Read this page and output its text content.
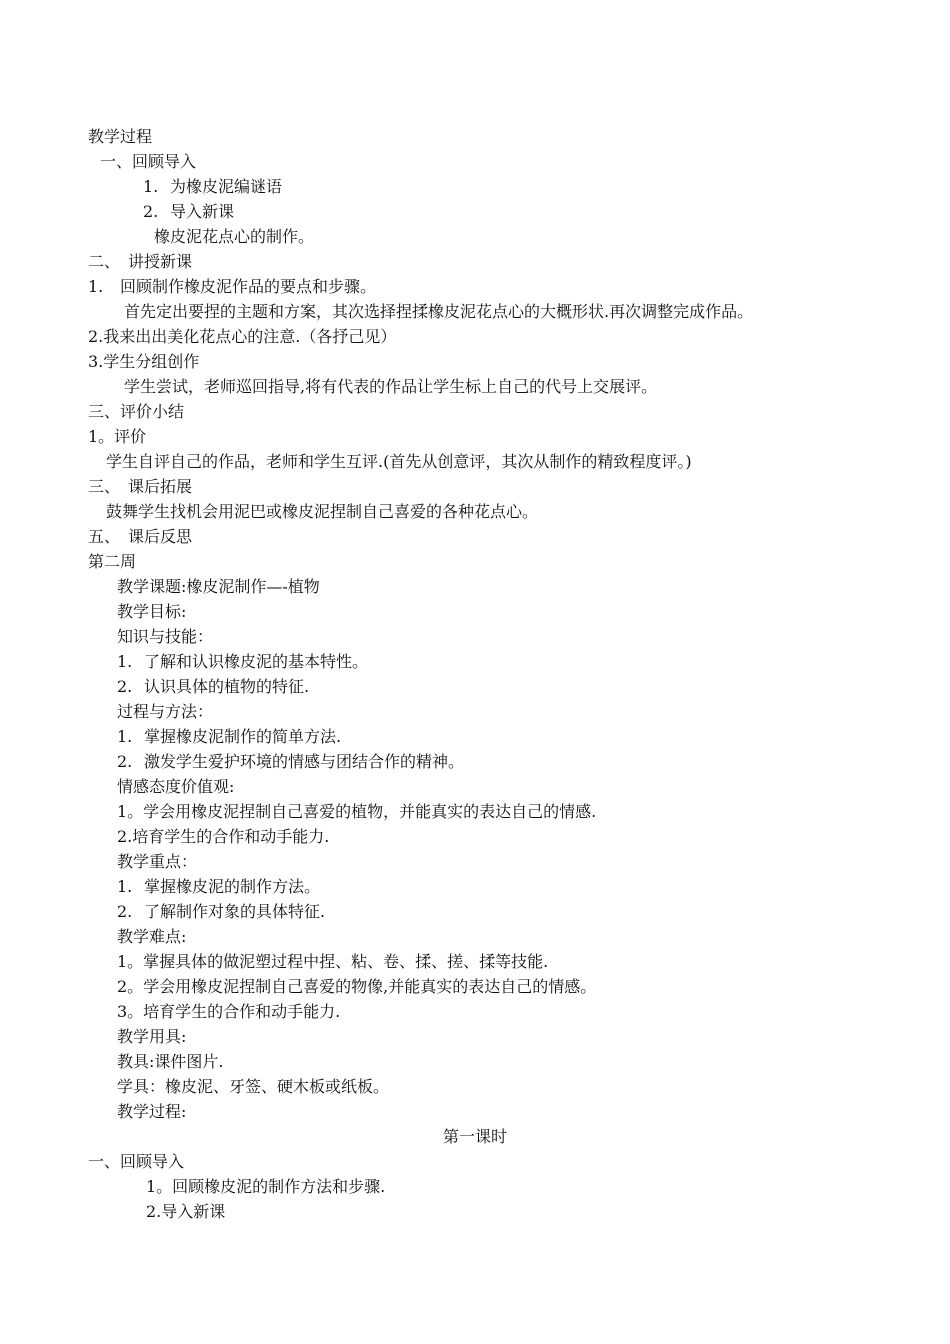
教学过程
一、回顾导入
1. 为橡皮泥编谜语
2. 导入新课
橡皮泥花点心的制作。
二、　讲授新课
1. 回顾制作橡皮泥作品的要点和步骤。
首先定出要捏的主题和方案，其次选择捏揉橡皮泥花点心的大概形状.再次调整完成作品。
2.我来出出美化花点心的注意.（各抒己见）
3.学生分组创作
学生尝试，老师巡回指导,将有代表的作品让学生标上自己的代号上交展评。
三、评价小结
1。评价
学生自评自己的作品，老师和学生互评.(首先从创意评，其次从制作的精致程度评。)
三、　课后拓展
鼓舞学生找机会用泥巴或橡皮泥捏制自己喜爱的各种花点心。
五、　课后反思
第二周
教学课题:橡皮泥制作—-植物
教学目标:
知识与技能：
1. 了解和认识橡皮泥的基本特性。
2. 认识具体的植物的特征.
过程与方法：
1. 掌握橡皮泥制作的简单方法.
2. 激发学生爱护环境的情感与团结合作的精神。
情感态度价值观:
1。学会用橡皮泥捏制自己喜爱的植物，并能真实的表达自己的情感.
2.培育学生的合作和动手能力.
教学重点：
1. 掌握橡皮泥的制作方法。
2. 了解制作对象的具体特征.
教学难点:
1。掌握具体的做泥塑过程中捏、粘、卷、揉、搓、揉等技能.
2。学会用橡皮泥捏制自己喜爱的物像,并能真实的表达自己的情感。
3。培育学生的合作和动手能力.
教学用具:
教具:课件图片.
学具：橡皮泥、牙签、硬木板或纸板。
教学过程:
第一课时
一、回顾导入
1。回顾橡皮泥的制作方法和步骤.
2.导入新课
